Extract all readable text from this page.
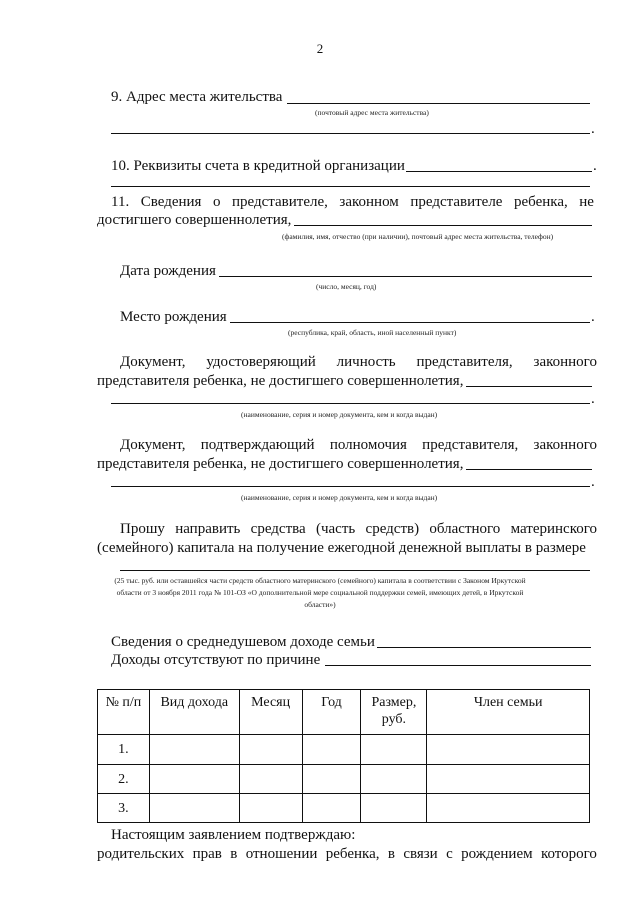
2
9. Адрес места жительства
(почтовый адрес места жительства)
.
10. Реквизиты счета в кредитной организации	.
11. Сведения о представителе, законном представителе ребенка, не
достигшего совершеннолетия,
(фамилия, имя, отчество (при наличии), почтовый адрес места жительства, телефон)
Дата рождения
(число, месяц, год)
Место рождения	.
(республика, край, область, иной населенный пункт)
Документ, удостоверяющий личность представителя, законного
представителя ребенка, не достигшего совершеннолетия,
.
(наименование, серия и номер документа, кем и когда выдан)
Документ, подтверждающий полномочия представителя, законного
представителя ребенка, не достигшего совершеннолетия,
.
(наименование, серия и номер документа, кем и когда выдан)
Прошу направить средства (часть средств) областного материнского
(семейного) капитала на получение ежегодной денежной выплаты в размере
(25 тыс. руб. или оставшейся части средств областного материнского (семейного) капитала в соответствии с Законом Иркутской
области от 3 ноября 2011 года № 101-ОЗ «О дополнительной мере социальной поддержки семей, имеющих детей, в Иркутской
области»)
Сведения о среднедушевом доходе семьи
Доходы отсутствуют по причине
№ п/п	Вид дохода	Месяц	Год	Размер,
руб.	Член семьи
1.					
2.					
3.					
Настоящим заявлением подтверждаю:
родительских прав в отношении ребенка, в связи с рождением которого
